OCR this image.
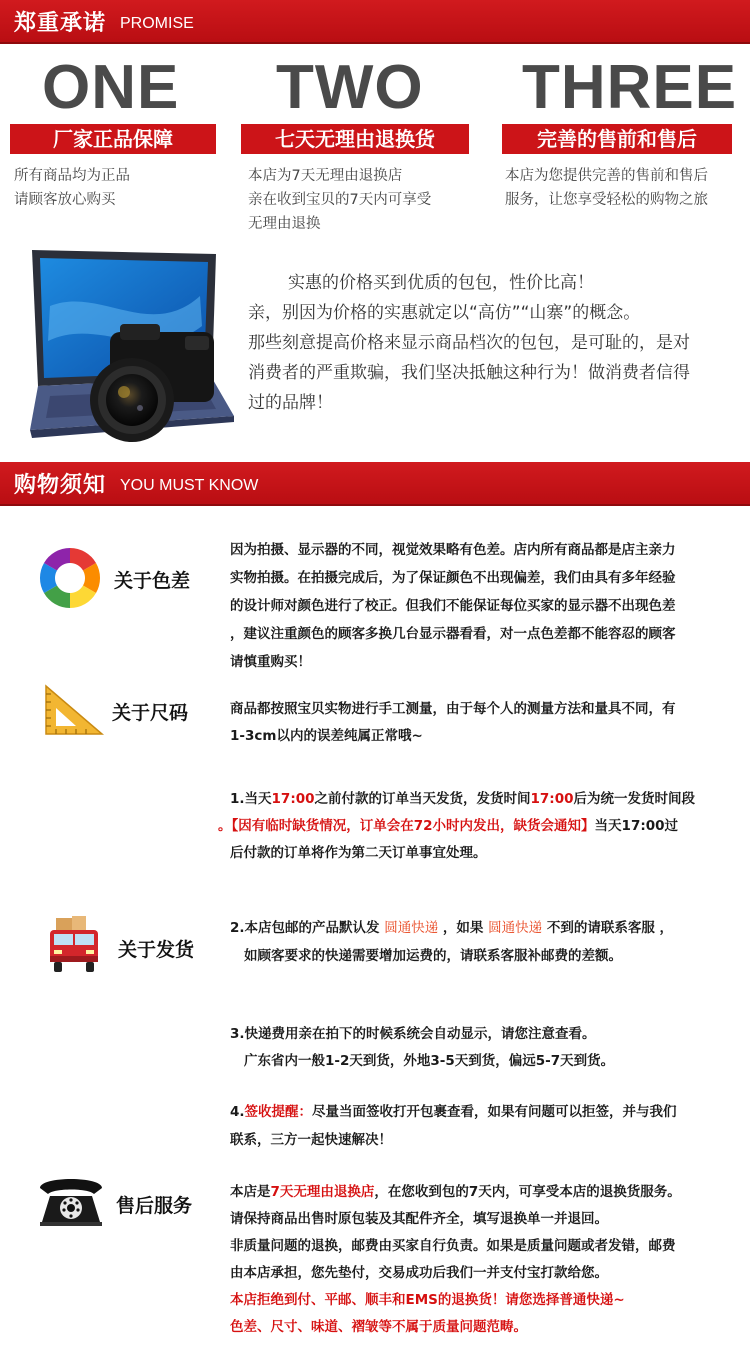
郑重承诺 PROMISE
ONE TWO THREE
厂家正品保障	七天无理由退换货	完善的售前和售后
所有商品均为正品
请顾客放心购买
本店为7天无理由退换店
亲在收到宝贝的7天内可享受
无理由退换
本店为您提供完善的售前和售后
服务，让您享受轻松的购物之旅
实惠的价格买到优质的包包，性价比高！
亲，别因为价格的实惠就定以“高仿”“山寨”的概念。
那些刻意提高价格来显示商品档次的包包，是可耻的，是对
消费者的严重欺骗，我们坚决抵触这种行为！做消费者信得
过的品牌！
购物须知 YOU MUST KNOW
关于色差
因为拍摄、显示器的不同，视觉效果略有色差。店内所有商品都是店主亲力
实物拍摄。在拍摄完成后，为了保证颜色不出现偏差，我们由具有多年经验
的设计师对颜色进行了校正。但我们不能保证每位买家的显示器不出现色差
，建议注重颜色的顾客多换几台显示器看看，对一点色差都不能容忍的顾客
请慎重购买！
关于尺码	商品都按照宝贝实物进行手工测量，由于每个人的测量方法和量具不同，有
1-3cm以内的误差纯属正常哦~
1.当天17:00之前付款的订单当天发货，发货时间17:00后为统一发货时间段
。【因有临时缺货情况，订单会在72小时内发出，缺货会通知】当天17:00过
后付款的订单将作为第二天订单事宜处理。
关于发货
2.本店包邮的产品默认发 圆通快递 ，如果 圆通快递 不到的请联系客服 ，
如顾客要求的快递需要增加运费的，请联系客服补邮费的差额。
3.快递费用亲在拍下的时候系统会自动显示，请您注意查看。
广东省内一般1-2天到货，外地3-5天到货，偏远5-7天到货。
4.签收提醒：尽量当面签收打开包裹查看，如果有问题可以拒签，并与我们
联系，三方一起快速解决！
售后服务
本店是7天无理由退换店，在您收到包的7天内，可享受本店的退换货服务。
请保持商品出售时原包装及其配件齐全，填写退换单一并退回。
非质量问题的退换，邮费由买家自行负责。如果是质量问题或者发错，邮费
由本店承担，您先垫付，交易成功后我们一并支付宝打款给您。
本店拒绝到付、平邮、顺丰和EMS的退换货！请您选择普通快递~
色差、尺寸、味道、褶皱等不属于质量问题范畴。
